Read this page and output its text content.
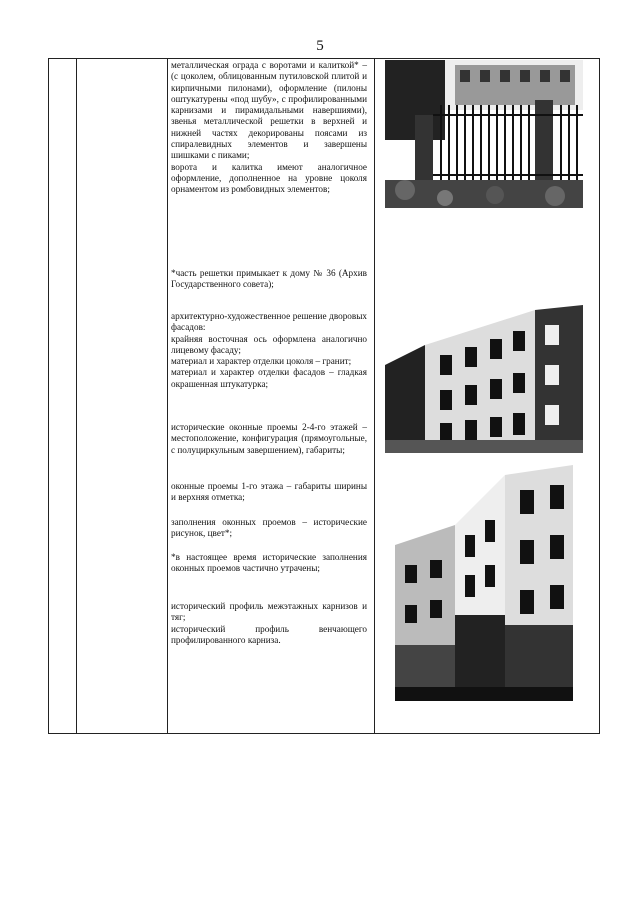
5

металлическая ограда с воротами и калиткой* – (с цоколем, облицованным путиловской плитой и кирпичными пилонами), оформление (пилоны оштукатурены «под шубу», с профилированными карнизами и пирамидальными навершиями), звенья металлической решетки в верхней и нижней частях декорированы поясами из спиралевидных элементов и завершены шишками с пиками;

ворота и калитка имеют аналогичное оформление, дополненное на уровне цоколя орнаментом из ромбовидных элементов;

*часть решетки примыкает к дому № 36 (Архив Государственного совета);

архитектурно-художественное решение дворовых фасадов:

крайняя восточная ось оформлена аналогично лицевому фасаду;

материал и характер отделки цоколя – гранит;

материал и характер отделки фасадов – гладкая окрашенная штукатурка;

исторические оконные проемы 2-4-го этажей – местоположение, конфигурация (прямоугольные, с полуциркульным завершением), габариты;

оконные проемы 1-го этажа – габариты ширины и верхняя отметка;

заполнения оконных проемов – исторические рисунок, цвет*;

*в настоящее время исторические заполнения оконных проемов частично утрачены;

исторический профиль межэтажных карнизов и тяг;

исторический профиль венчающего профилированного карниза.
